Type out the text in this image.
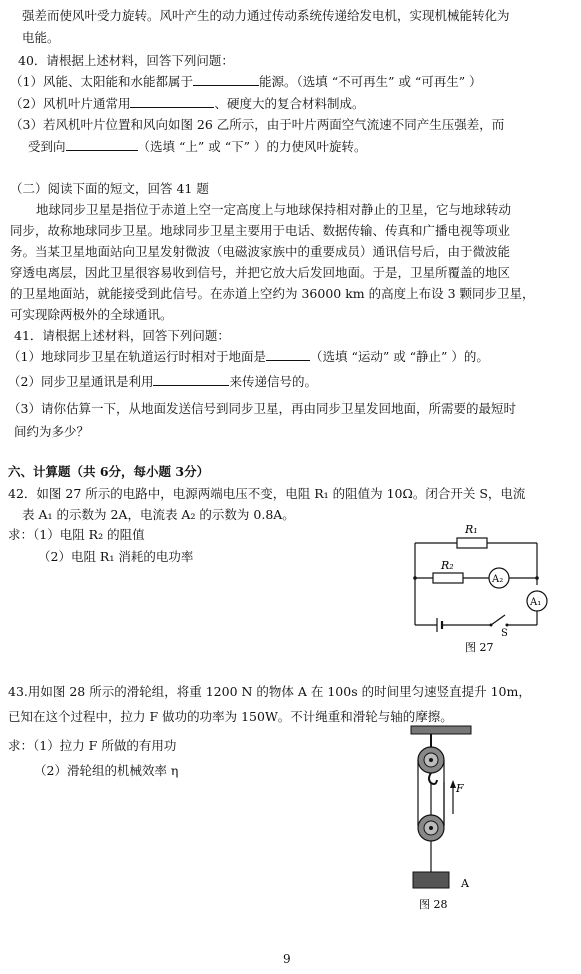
强差而使风叶受力旋转。风叶产生的动力通过传动系统传递给发电机，实现机械能转化为
电能。
40．请根据上述材料，回答下列问题：
（1）风能、太阳能和水能都属于	能源。（选填 “不可再生” 或 “可再生” ）
（2）风机叶片通常用	、硬度大的复合材料制成。
（3）若风机叶片位置和风向如图 26 乙所示，由于叶片两面空气流速不同产生压强差，而
受到向	（选填 “上” 或 “下” ）的力使风叶旋转。
（二）阅读下面的短文，回答 41 题
地球同步卫星是指位于赤道上空一定高度上与地球保持相对静止的卫星，它与地球转动
同步，故称地球同步卫星。地球同步卫星主要用于电话、数据传输、传真和广播电视等项业
务。当某卫星地面站向卫星发射微波（电磁波家族中的重要成员）通讯信号后，由于微波能
穿透电离层，因此卫星很容易收到信号，并把它放大后发回地面。于是，卫星所覆盖的地区
的卫星地面站，就能接受到此信号。在赤道上空约为 36000 km 的高度上布设 3 颗同步卫星，
可实现除两极外的全球通讯。
41．请根据上述材料，回答下列问题：
（1）地球同步卫星在轨道运行时相对于地面是	（选填 “运动” 或 “静止” ）的。
（2）同步卫星通讯是利用	来传递信号的。
（3）请你估算一下，从地面发送信号到同步卫星，再由同步卫星发回地面，所需要的最短时
间约为多少？
六、计算题（共 6分，每小题 3分）
42．如图 27 所示的电路中，电源两端电压不变，电阻 R₁ 的阻值为 10Ω。闭合开关 S，电流
表 A₁ 的示数为 2A，电流表 A₂ 的示数为 0.8A。
求：（1）电阻 R₂ 的阻值
（2）电阻 R₁ 消耗的电功率
R₁
R₂
A₂
A₁
S
图 27
43.用如图 28 所示的滑轮组，将重 1200 N 的物体 A 在 100s 的时间里匀速竖直提升 10m，
已知在这个过程中，拉力 F 做功的功率为 150W。不计绳重和滑轮与轴的摩擦。
求：（1）拉力 F 所做的有用功
（2）滑轮组的机械效率 η
F
A
图 28
9
